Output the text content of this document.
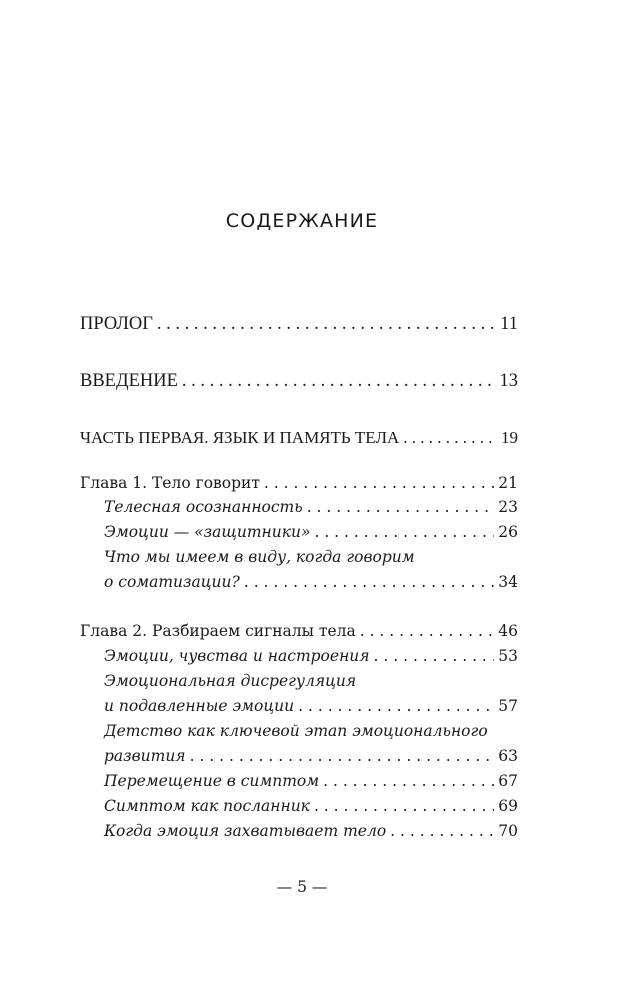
СОДЕРЖАНИЕ
ПРОЛОГ . . .	11
ВВЕДЕНИЕ . . .	13
ЧАСТЬ ПЕРВАЯ. ЯЗЫК И ПАМЯТЬ ТЕЛА . . .	19
Глава 1. Тело говорит . . .	21
Телесная осознанность . . .	23
Эмоции — «защитники» . . .	26
Что мы имеем в виду, когда говорим
о соматизации? . . .	34
Глава 2. Разбираем сигналы тела . . .	46
Эмоции, чувства и настроения . . .	53
Эмоциональная дисрегуляция
и подавленные эмоции . . .	57
Детство как ключевой этап эмоционального
развития . . .	63
Перемещение в симптом . . .	67
Симптом как посланник . . .	69
Когда эмоция захватывает тело . . .	70
— 5 —
